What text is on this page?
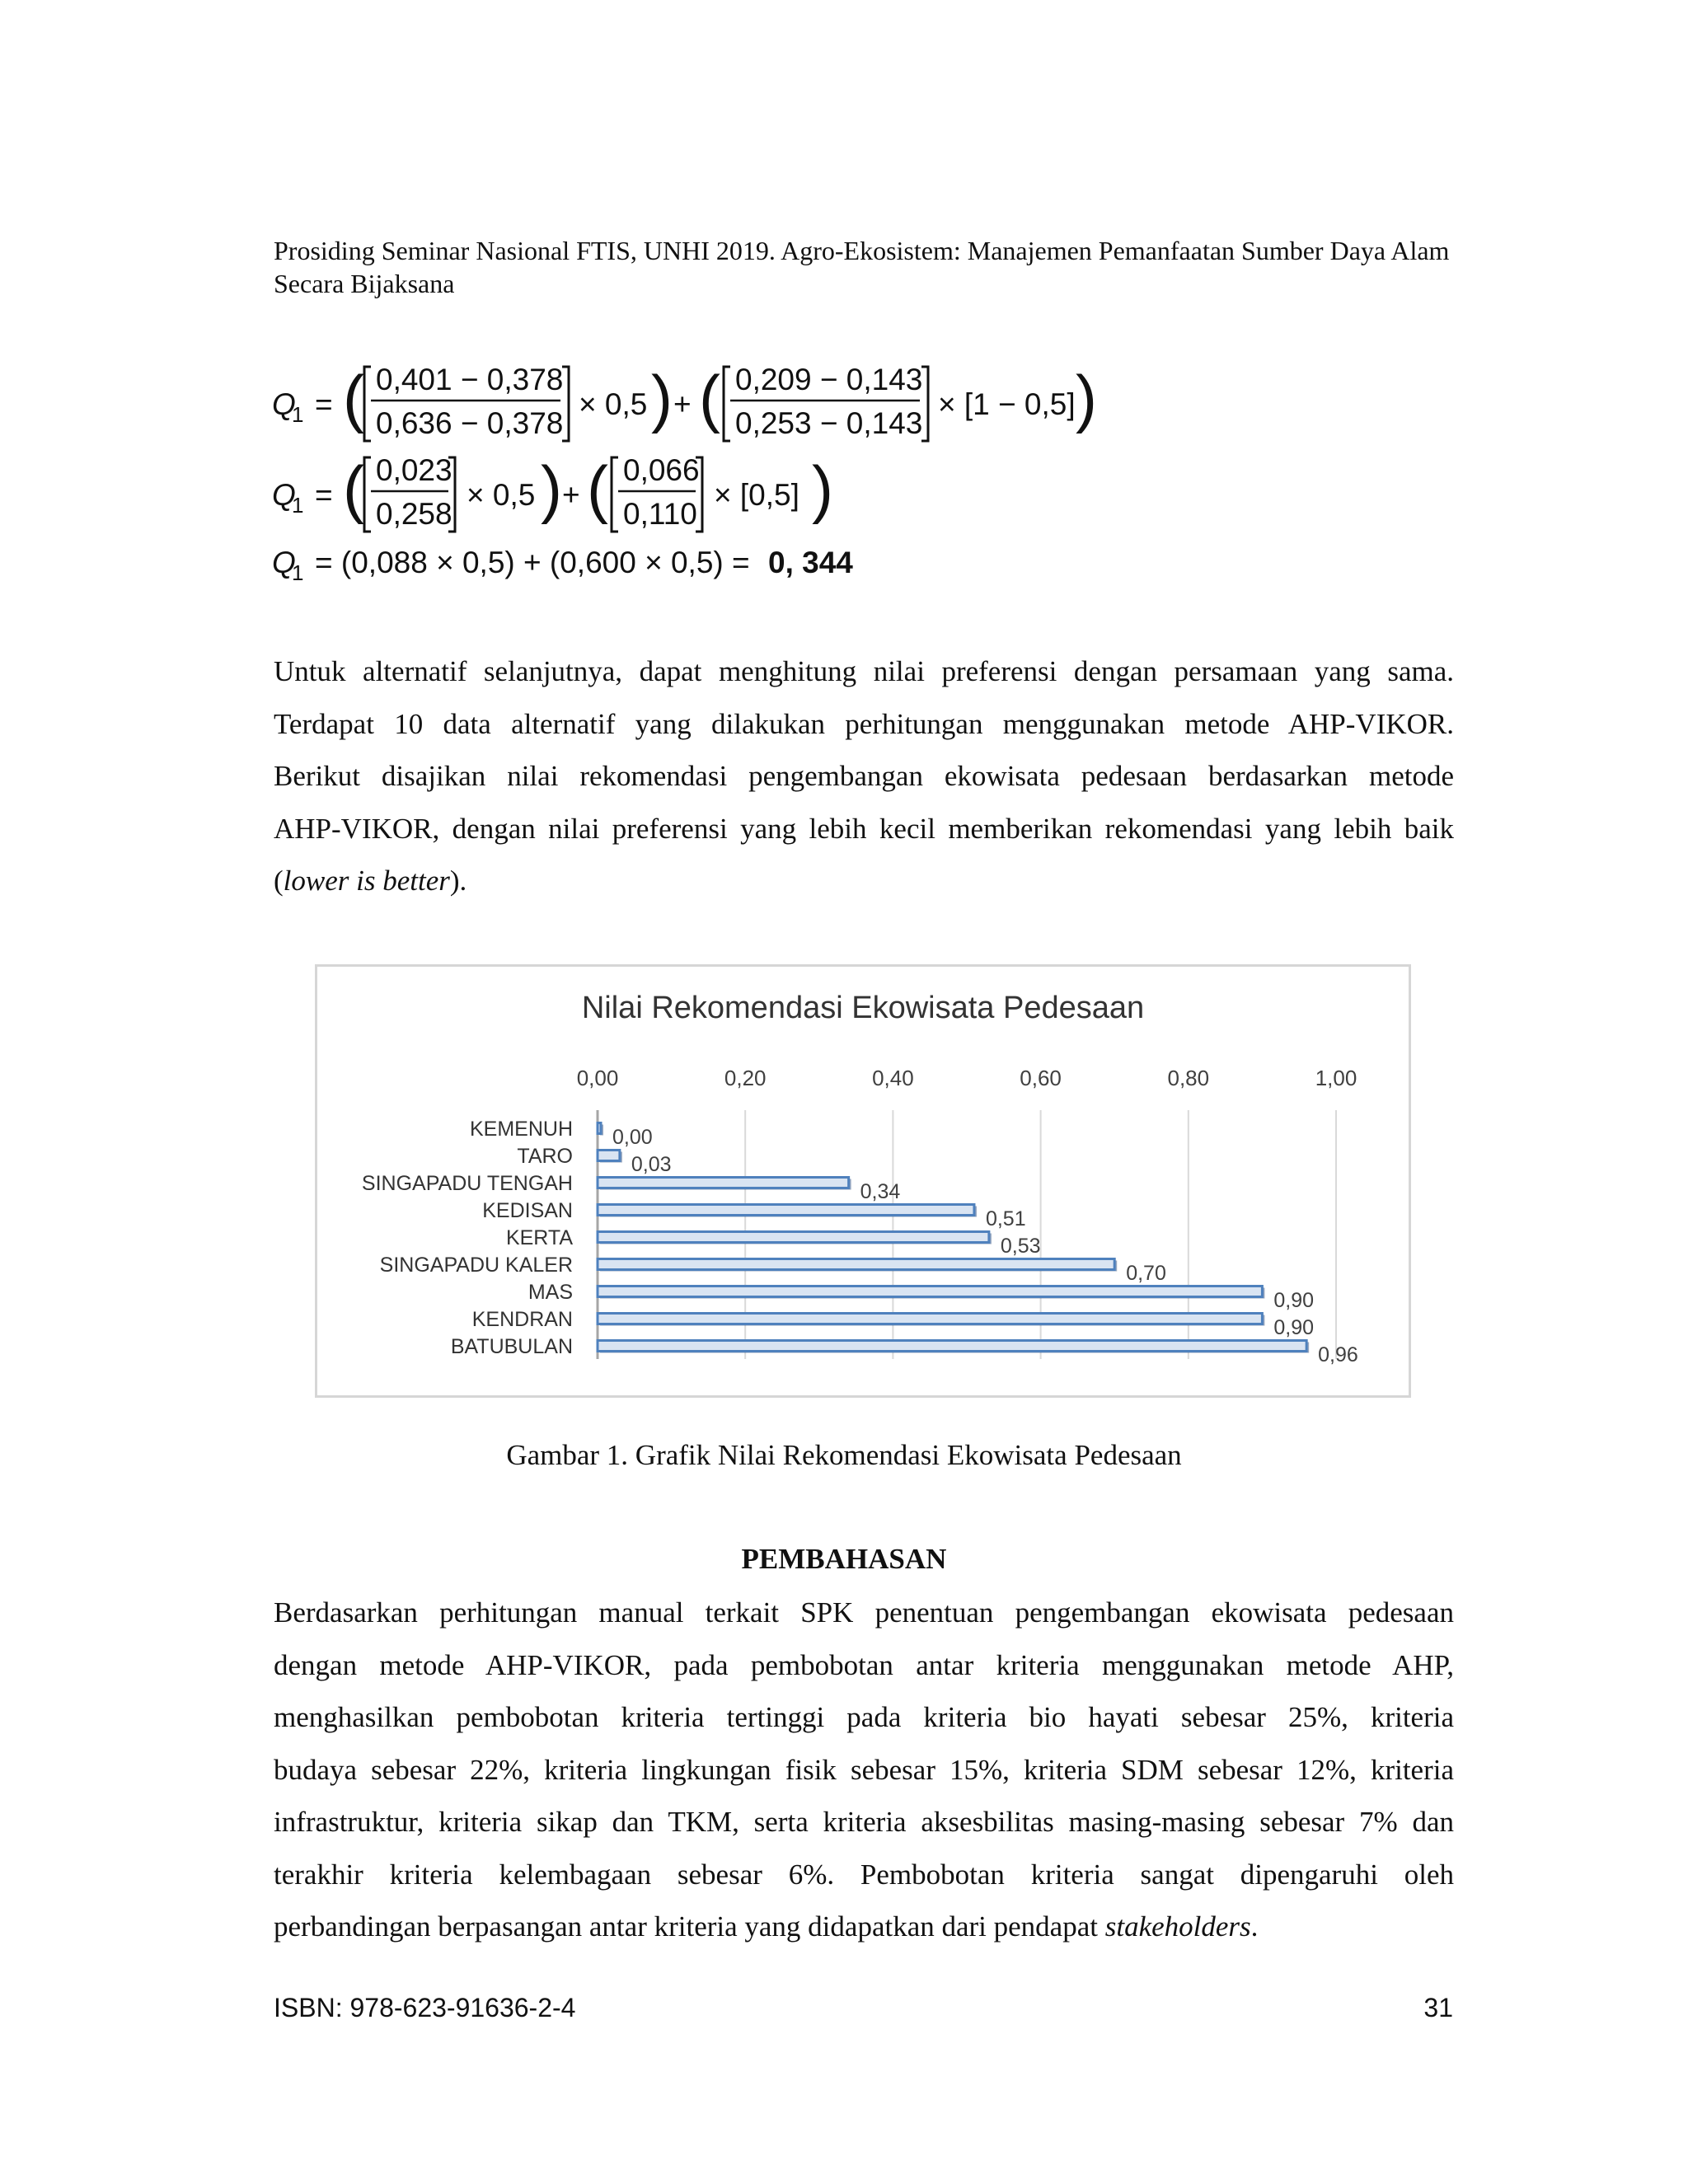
Prosiding Seminar Nasional FTIS, UNHI 2019. Agro-Ekosistem: Manajemen Pemanfaatan Sumber Daya Alam Secara Bijaksana
Q
1 = ( 0,401 − 0,378
0,636 − 0,378
× 0,5 ) + ( 0,209 − 0,143
0,253 − 0,143
× [1 − 0,5] )
Q
1 = ( 0,023
0,258
× 0,5 ) + ( 0,066
0,110
× [0,5] )
Q
1 = (0,088 × 0,5) + (0,600 × 0,5) = 0, 344
Untuk alternatif selanjutnya, dapat menghitung nilai preferensi dengan persamaan yang sama.
Terdapat 10 data alternatif yang dilakukan perhitungan menggunakan metode AHP-VIKOR.
Berikut disajikan nilai rekomendasi pengembangan ekowisata pedesaan berdasarkan metode
AHP-VIKOR, dengan nilai preferensi yang lebih kecil memberikan rekomendasi yang lebih baik
(lower is better).
Nilai Rekomendasi Ekowisata Pedesaan
0,00	0,20	0,40	0,60	0,80	1,00
KEMENUH 0,00
TARO	0,03
SINGAPADU TENGAH	0,34
KEDISAN	0,51
KERTA	0,53
SINGAPADU KALER	0,70
MAS	0,90
KENDRAN	0,90
BATUBULAN	0,96
Gambar 1. Grafik Nilai Rekomendasi Ekowisata Pedesaan
PEMBAHASAN
Berdasarkan perhitungan manual terkait SPK penentuan pengembangan ekowisata pedesaan
dengan metode AHP-VIKOR, pada pembobotan antar kriteria menggunakan metode AHP,
menghasilkan pembobotan kriteria tertinggi pada kriteria bio hayati sebesar 25%, kriteria
budaya sebesar 22%, kriteria lingkungan fisik sebesar 15%, kriteria SDM sebesar 12%, kriteria
infrastruktur, kriteria sikap dan TKM, serta kriteria aksesbilitas masing-masing sebesar 7% dan
terakhir kriteria kelembagaan sebesar 6%. Pembobotan kriteria sangat dipengaruhi oleh
perbandingan berpasangan antar kriteria yang didapatkan dari pendapat stakeholders.
ISBN: 978-623-91636-2-4	31
